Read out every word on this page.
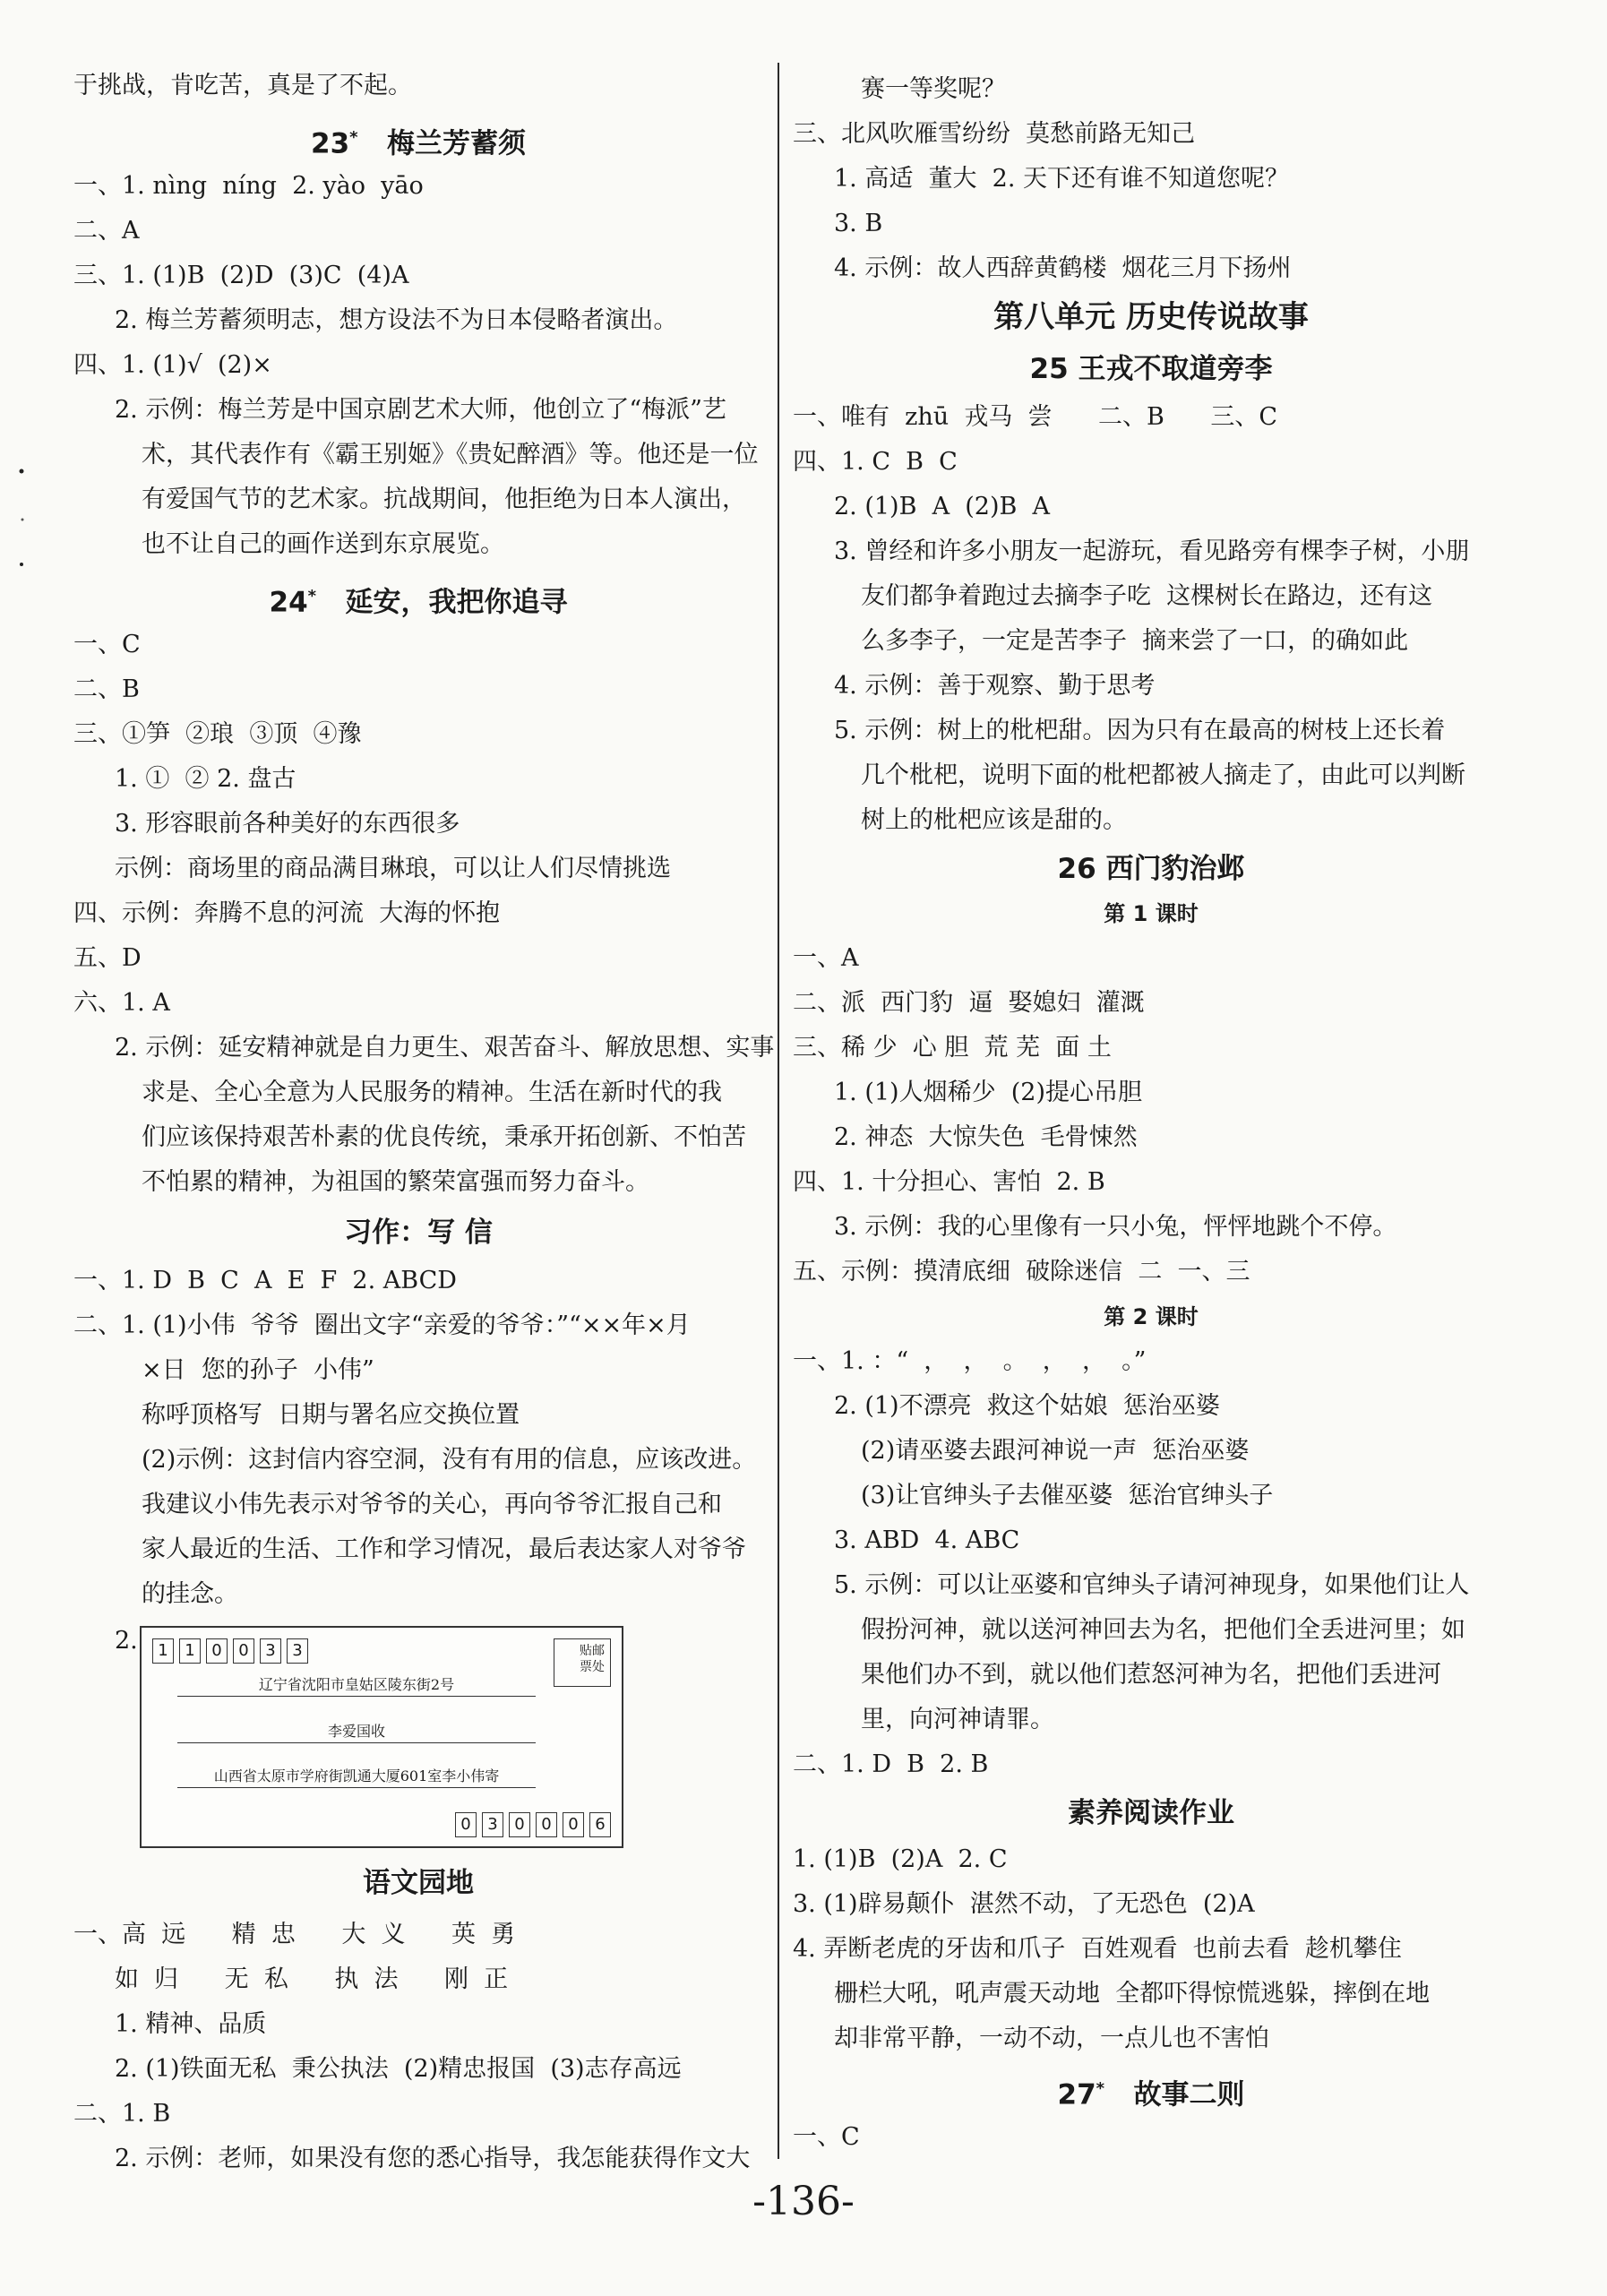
于挑战，肯吃苦，真是了不起。
23* 梅兰芳蓄须
一、1. nìng  níng  2. yào  yāo
二、A
三、1. (1)B  (2)D  (3)C  (4)A
2. 梅兰芳蓄须明志，想方设法不为日本侵略者演出。
四、1. (1)√  (2)×
2. 示例：梅兰芳是中国京剧艺术大师，他创立了“梅派”艺
术，其代表作有《霸王别姬》《贵妃醉酒》等。他还是一位
有爱国气节的艺术家。抗战期间，他拒绝为日本人演出，
也不让自己的画作送到东京展览。
24* 延安，我把你追寻
一、C
二、B
三、①笋  ②琅  ③顶  ④豫
1. ①  ② 2. 盘古
3. 形容眼前各种美好的东西很多
示例：商场里的商品满目琳琅，可以让人们尽情挑选
四、示例：奔腾不息的河流  大海的怀抱
五、D
六、1. A
2. 示例：延安精神就是自力更生、艰苦奋斗、解放思想、实事
求是、全心全意为人民服务的精神。生活在新时代的我
们应该保持艰苦朴素的优良传统，秉承开拓创新、不怕苦
不怕累的精神，为祖国的繁荣富强而努力奋斗。
习作：写 信
一、1. D  B  C  A  E  F  2. ABCD
二、1. (1)小伟  爷爷  圈出文字“亲爱的爷爷：”“××年×月
×日  您的孙子  小伟”
称呼顶格写  日期与署名应交换位置
(2)示例：这封信内容空洞，没有有用的信息，应该改进。
我建议小伟先表示对爷爷的关心，再向爷爷汇报自己和
家人最近的生活、工作和学习情况，最后表达家人对爷爷
的挂念。
2.	1	1	0	0	3	3	贴邮
票处
辽宁省沈阳市皇姑区陵东街2号
李爱国收
山西省太原市学府街凯通大厦601室李小伟寄
0	3	0	0	0	6
语文园地
一、高  远      精  忠      大  义      英  勇
如  归      无  私      执  法      刚  正
1. 精神、品质
2. (1)铁面无私  秉公执法  (2)精忠报国  (3)志存高远
二、1. B
2. 示例：老师，如果没有您的悉心指导，我怎能获得作文大
赛一等奖呢？
三、北风吹雁雪纷纷  莫愁前路无知己
1. 高适  董大  2. 天下还有谁不知道您呢？
3. B
4. 示例：故人西辞黄鹤楼  烟花三月下扬州
第八单元 历史传说故事
25 王戎不取道旁李
一、唯有  zhū  戎马  尝      二、B      三、C
四、1. C  B  C
2. (1)B  A  (2)B  A
3. 曾经和许多小朋友一起游玩，看见路旁有棵李子树，小朋
友们都争着跑过去摘李子吃  这棵树长在路边，还有这
么多李子，一定是苦李子  摘来尝了一口，的确如此
4. 示例：善于观察、勤于思考
5. 示例：树上的枇杷甜。因为只有在最高的树枝上还长着
几个枇杷，说明下面的枇杷都被人摘走了，由此可以判断
树上的枇杷应该是甜的。
26 西门豹治邺
第 1 课时
一、A
二、派  西门豹  逼  娶媳妇  灌溉
三、稀 少  心 胆  荒 芜  面 土
1. (1)人烟稀少  (2)提心吊胆
2. 神态  大惊失色  毛骨悚然
四、1. 十分担心、害怕  2. B
3. 示例：我的心里像有一只小兔，怦怦地跳个不停。
五、示例：摸清底细  破除迷信  二  一、三
第 2 课时
一、1. ：“  ，  ，  。  ，  ，  。”
2. (1)不漂亮  救这个姑娘  惩治巫婆
(2)请巫婆去跟河神说一声  惩治巫婆
(3)让官绅头子去催巫婆  惩治官绅头子
3. ABD  4. ABC
5. 示例：可以让巫婆和官绅头子请河神现身，如果他们让人
假扮河神，就以送河神回去为名，把他们全丢进河里；如
果他们办不到，就以他们惹怒河神为名，把他们丢进河
里，向河神请罪。
二、1. D  B  2. B
素养阅读作业
1. (1)B  (2)A  2. C
3. (1)辟易颠仆  湛然不动，了无恐色  (2)A
4. 弄断老虎的牙齿和爪子  百姓观看  也前去看  趁机攀住
栅栏大吼，吼声震天动地  全都吓得惊慌逃躲，摔倒在地
却非常平静，一动不动，一点儿也不害怕
27* 故事二则
一、C
-136-
